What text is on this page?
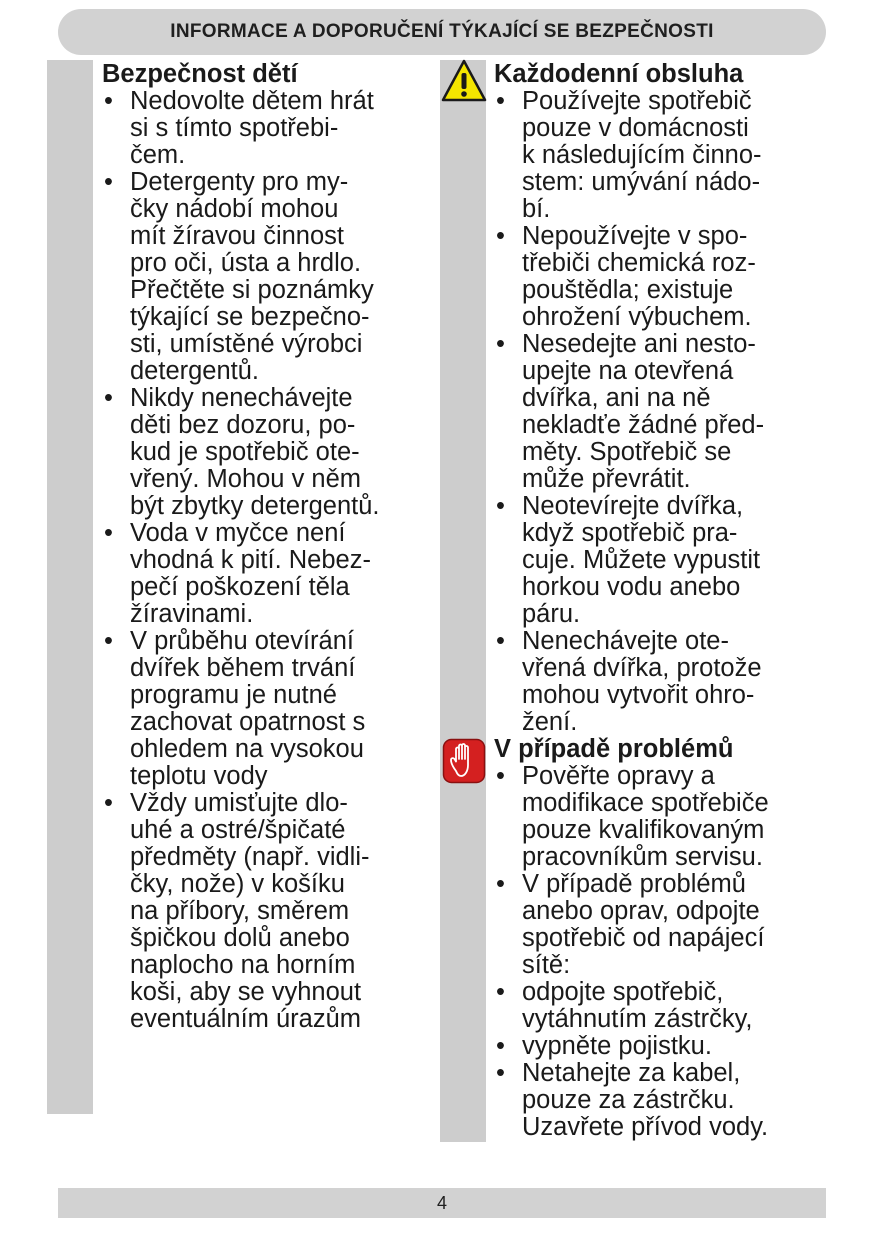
INFORMACE A DOPORUČENÍ TÝKAJÍCÍ SE BEZPEČNOSTI
Bezpečnost dětí
• Nedovolte dětem hrát
si s tímto spotřebi-
čem.
• Detergenty pro my-
čky nádobí mohou
mít žíravou činnost
pro oči, ústa a hrdlo.
Přečtěte si poznámky
týkající se bezpečno-
sti, umístěné výrobci
detergentů.
• Nikdy nenechávejte
děti bez dozoru, po-
kud je spotřebič ote-
vřený. Mohou v něm
být zbytky detergentů.
• Voda v myčce není
vhodná k pití. Nebez-
pečí poškození těla
žíravinami.
• V průběhu otevírání
dvířek během trvání
programu je nutné
zachovat opatrnost s
ohledem na vysokou
teplotu vody
• Vždy umisťujte dlo-
uhé a ostré/špičaté
předměty (např. vidli-
čky, nože) v košíku
na příbory, směrem
špičkou dolů anebo
naplocho na horním
koši, aby se vyhnout
eventuálním úrazům
Každodenní obsluha
• Používejte spotřebič
pouze v domácnosti
k následujícím činno-
stem: umývání nádo-
bí.
• Nepoužívejte v spo-
třebiči chemická roz-
pouštědla; existuje
ohrožení výbuchem.
• Nesedejte ani nesto-
upejte na otevřená
dvířka, ani na ně
nekladťe žádné před-
měty. Spotřebič se
může převrátit.
• Neotevírejte dvířka,
když spotřebič pra-
cuje. Můžete vypustit
horkou vodu anebo
páru.
• Nenechávejte ote-
vřená dvířka, protože
mohou vytvořit ohro-
žení.
V případě problémů
• Pověřte opravy a
modifikace spotřebiče
pouze kvalifikovaným
pracovníkům servisu.
• V případě problémů
anebo oprav, odpojte
spotřebič od napájecí
sítě:
• odpojte spotřebič,
vytáhnutím zástrčky,
• vypněte pojistku.
• Netahejte za kabel,
pouze za zástrčku.
Uzavřete přívod vody.
4
